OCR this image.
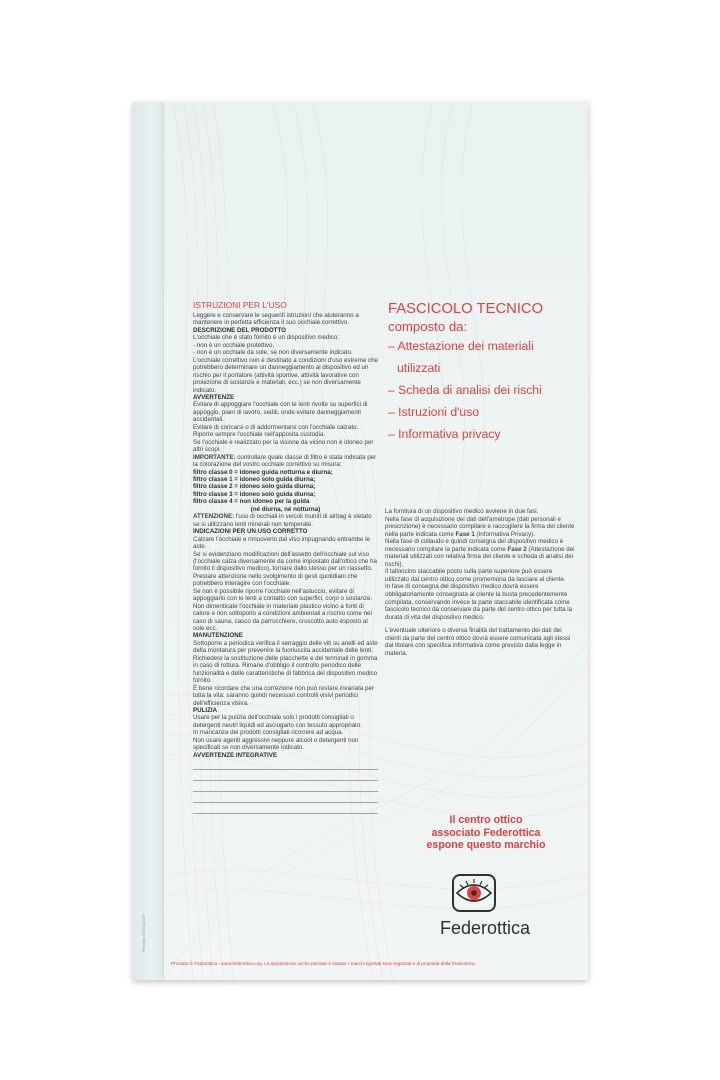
Prodotto BCG002V/P

ISTRUZIONI PER L'USO

Leggere e conservare le seguenti istruzioni che aiuteranno a mantenere in perfetta efficienza il suo occhiale correttivo.

DESCRIZIONE DEL PRODOTTO

L'occhiale che è stato fornito è un dispositivo medico:

- non è un occhiale protettivo,

- non è un occhiale da sole, se non diversamente indicato.

L'occhiale correttivo non è destinato a condizioni d'uso estreme che potrebbero determinare un danneggiamento al dispositivo ed un rischio per il portatore (attività sportive, attività lavorative con proiezione di sostanze e materiali, ecc.) se non diversamente indicato.

AVVERTENZE

Evitare di appoggiare l'occhiale con le lenti rivolte su superfici di appoggio, piani di lavoro, sedili, onde evitare danneggiamenti accidentali.

Evitare di coricarsi o di addormentarsi con l'occhiale calzato.

Riporre sempre l'occhiale nell'apposita custodia.

Se l'occhiale è realizzato per la visione da vicino non è idoneo per altri scopi.

IMPORTANTE: controllare quale classe di filtro è stata indicata per la colorazione del vostro occhiale correttivo su misura:

filtro classe 0 = idoneo guida notturna e diurna;

filtro classe 1 = idoneo solo guida diurna;

filtro classe 2 = idoneo solo guida diurna;

filtro classe 3 = idoneo solo guida diurna;

filtro classe 4 = non idoneo per la guida

(né diurna, né notturna)

ATTENZIONE: l'uso di occhiali in veicoli muniti di airbag è vietato se si utilizzano lenti minerali non temperate.

INDICAZIONI PER UN USO CORRETTO

Calzare l'occhiale e rimuoverlo dal viso impugnando entrambe le aste.

Se si evidenziano modificazioni dell'assetto dell'occhiale sul viso (l'occhiale calza diversamente da come impostato dall'ottico che ha fornito il dispositivo medico), tornare dallo stesso per un riassetto.

Prestare attenzione nello svolgimento di gesti quotidiani che potrebbero interagire con l'occhiale.

Se non è possibile riporre l'occhiale nell'astuccio, evitare di appoggiarlo con le lenti a contatto con superfici, corpi o sostanze.

Non dimenticate l'occhiale in materiale plastico vicino a fonti di calore e non sottoporlo a condizioni ambientali a rischio come nel caso di sauna, casco da parrucchiere, cruscotto auto esposto al sole ecc.

MANUTENZIONE

Sottoporre a periodica verifica il serraggio delle viti su anelli ed aste della montatura per prevenire la fuoriuscita accidentale delle lenti.

Richiedere la sostituzione delle placchette e dei terminali in gomma in caso di rottura. Rimane d'obbligo il controllo periodico delle funzionalità e delle caratteristiche di fabbrica del dispositivo medico fornito.

È bene ricordare che una correzione non può restare invariata per tutta la vita: saranno quindi necessari controlli visivi periodici dell'efficienza visiva.

PULIZIA

Usare per la pulizia dell'occhiale solo i prodotti consigliati o detergenti neutri liquidi ed asciugarlo con tessuto appropriato.

In mancanza dei prodotti consigliati ricorrere ad acqua.

Non usare agenti aggressivi neppure alcool o detergenti non specificati se non diversamente indicato.

AVVERTENZE INTEGRATIVE

FASCICOLO TECNICO
composto da:
– Attestazione dei materiali
utilizzati
– Scheda di analisi dei rischi
– Istruzioni d'uso
– Informativa privacy

La fornitura di un dispositivo medico avviene in due fasi.

Nella fase di acquisizione dei dati dell'ametrope (dati personali e prescrizione) è necessario compilare e raccogliere la firma del cliente nella parte indicata come Fase 1 (Informativa Privacy).

Nella fase di collaudo e quindi consegna del dispositivo medico è necessario compilare la parte indicata come Fase 2 (Attestazione dei materiali utilizzati con relativa firma del cliente e scheda di analisi dei rischi).

Il talloncino staccabile posto sulla parte superiore può essere utilizzato dal centro ottico come promemoria da lasciare al cliente.

In fase di consegna del dispositivo medico dovrà essere obbligatoriamente consegnata al cliente la busta precedentemente compilata, conservando invece la parte staccabile identificata come fascicolo tecnico da conservare da parte del centro ottico per tutta la durata di vita del dispositivo medico.

L'eventuale ulteriore o diversa finalità del trattamento dei dati dei clienti da parte del centro ottico dovrà essere comunicata agli stessi dal titolare con specifica informativa come previsto dalla legge in materia.

Il centro ottico
associato Federottica
espone questo marchio
Federottica
Prodotto © Federottica - www.federottica.org. La riproduzione anche parziale è vietata. I marchi riportati sono registrati e di proprietà della Federottica
